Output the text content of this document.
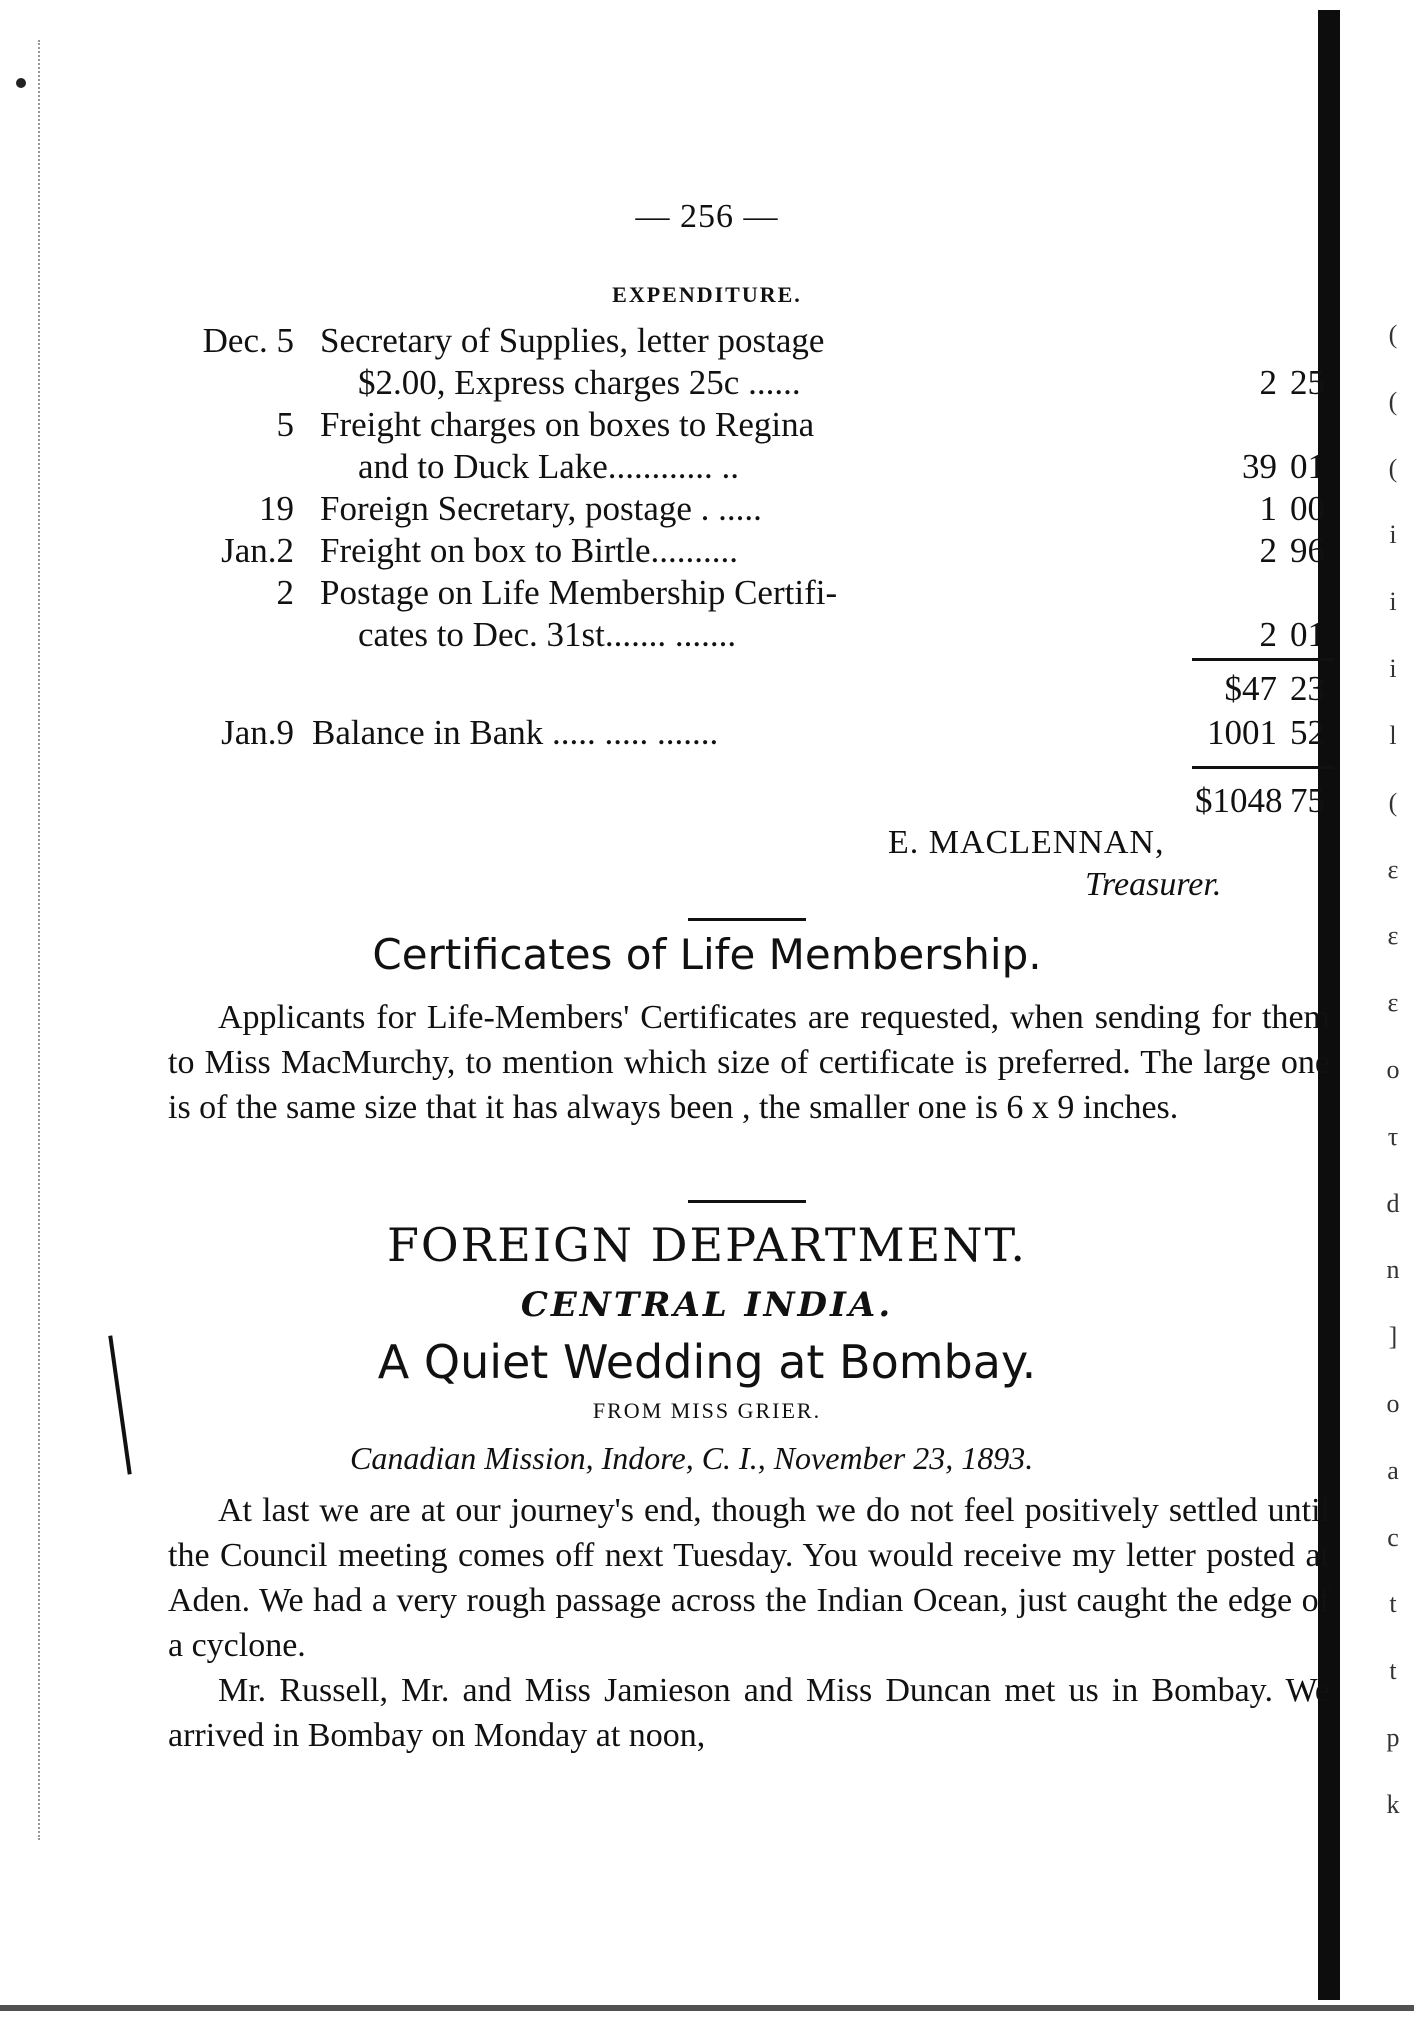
(
(
(
i
i
i
l
(
ε
ε
ε
o
τ
d
n
]
o
a
c
t
t
p
k
— 256 —
EXPENDITURE.
Dec. 5 Secretary of Supplies, letter postage
$2.00, Express charges 25c ......	2 25
5 Freight charges on boxes to Regina
and to Duck Lake............ ..	39 01
19 Foreign Secretary, postage . .....	1 00
Jan.2 Freight on box to Birtle..........	2 96
2 Postage on Life Membership Certifi-
cates to Dec. 31st....... .......	2 01
$47 23
Jan.9 Balance in Bank ..... ..... .......	1001 52
$1048 75
E. MACLENNAN,
Treasurer.
Certificates of Life Membership.

Applicants for Life-Members' Certificates are requested, when sending for them to Miss MacMurchy, to mention which size of certificate is preferred. The large one is of the same size that it has always been , the smaller one is 6 x 9 inches.

FOREIGN DEPARTMENT.
CENTRAL INDIA.
A Quiet Wedding at Bombay.
FROM MISS GRIER.
Canadian Mission, Indore, C. I., November 23, 1893.

At last we are at our journey's end, though we do not feel positively settled until the Council meeting comes off next Tuesday. You would receive my letter posted at Aden. We had a very rough passage across the Indian Ocean, just caught the edge of a cyclone.

Mr. Russell, Mr. and Miss Jamieson and Miss Duncan met us in Bombay. We arrived in Bombay on Monday at noon,
